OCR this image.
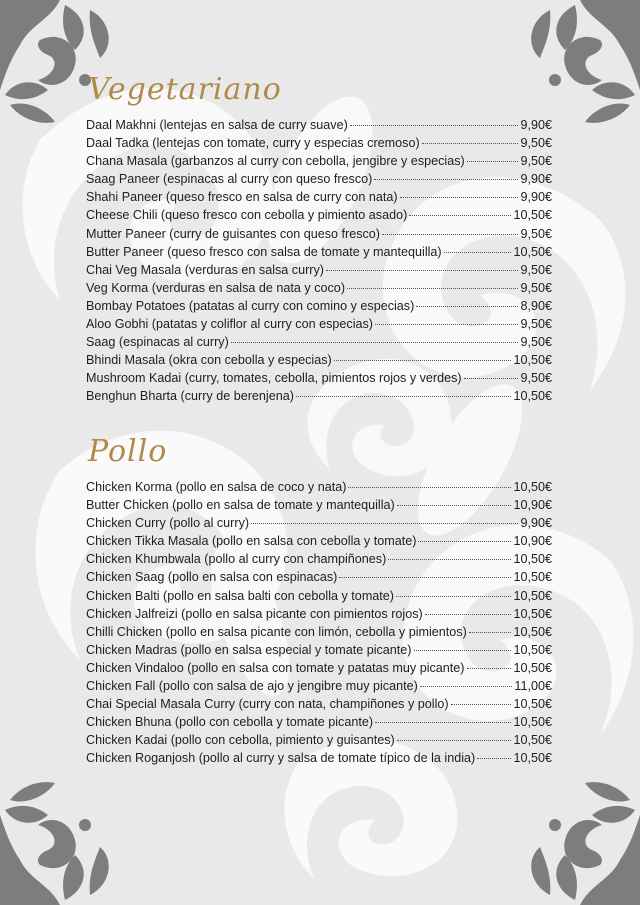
Vegetariano
Daal Makhni (lentejas en salsa de curry suave)	9,90€
Daal Tadka (lentejas con tomate, curry y especias cremoso)	9,50€
Chana Masala (garbanzos al curry con cebolla, jengibre y especias)	9,50€
Saag Paneer (espinacas al curry con queso fresco)	9,90€
Shahi Paneer (queso fresco en salsa de curry con nata)	9,90€
Cheese Chili (queso fresco con cebolla y pimiento asado)	10,50€
Mutter Paneer (curry de guisantes con queso fresco)	9,50€
Butter Paneer (queso fresco con salsa de tomate y mantequilla)	10,50€
Chai Veg Masala (verduras en salsa curry)	9,50€
Veg Korma (verduras en salsa de nata y coco)	9,50€
Bombay Potatoes (patatas al curry con comino y especias)	8,90€
Aloo Gobhi (patatas y coliflor al curry con especias)	9,50€
Saag (espinacas al curry)	9,50€
Bhindi Masala (okra con cebolla y especias)	10,50€
Mushroom Kadai (curry, tomates, cebolla, pimientos rojos y verdes)	9,50€
Benghun Bharta (curry de berenjena)	10,50€
Pollo
Chicken Korma (pollo en salsa de coco y nata)	10,50€
Butter Chicken (pollo en salsa de tomate y mantequilla)	10,90€
Chicken Curry (pollo al curry)	9,90€
Chicken Tikka Masala (pollo en salsa con cebolla y tomate)	10,90€
Chicken Khumbwala (pollo al curry con champiñones)	10,50€
Chicken Saag (pollo en salsa con espinacas)	10,50€
Chicken Balti (pollo en salsa balti con cebolla y tomate)	10,50€
Chicken Jalfreizi (pollo en salsa picante con pimientos rojos)	10,50€
Chilli Chicken (pollo en salsa picante con limón, cebolla y pimientos)	10,50€
Chicken Madras (pollo en salsa especial y tomate picante)	10,50€
Chicken Vindaloo (pollo en salsa con tomate y patatas muy picante)	10,50€
Chicken Fall (pollo con salsa de ajo y jengibre muy picante)	11,00€
Chai Special Masala Curry (curry con nata, champiñones y pollo)	10,50€
Chicken Bhuna (pollo con cebolla y tomate picante)	10,50€
Chicken Kadai (pollo con cebolla, pimiento y guisantes)	10,50€
Chicken Roganjosh (pollo al curry y salsa de tomate típico de la india)	10,50€
